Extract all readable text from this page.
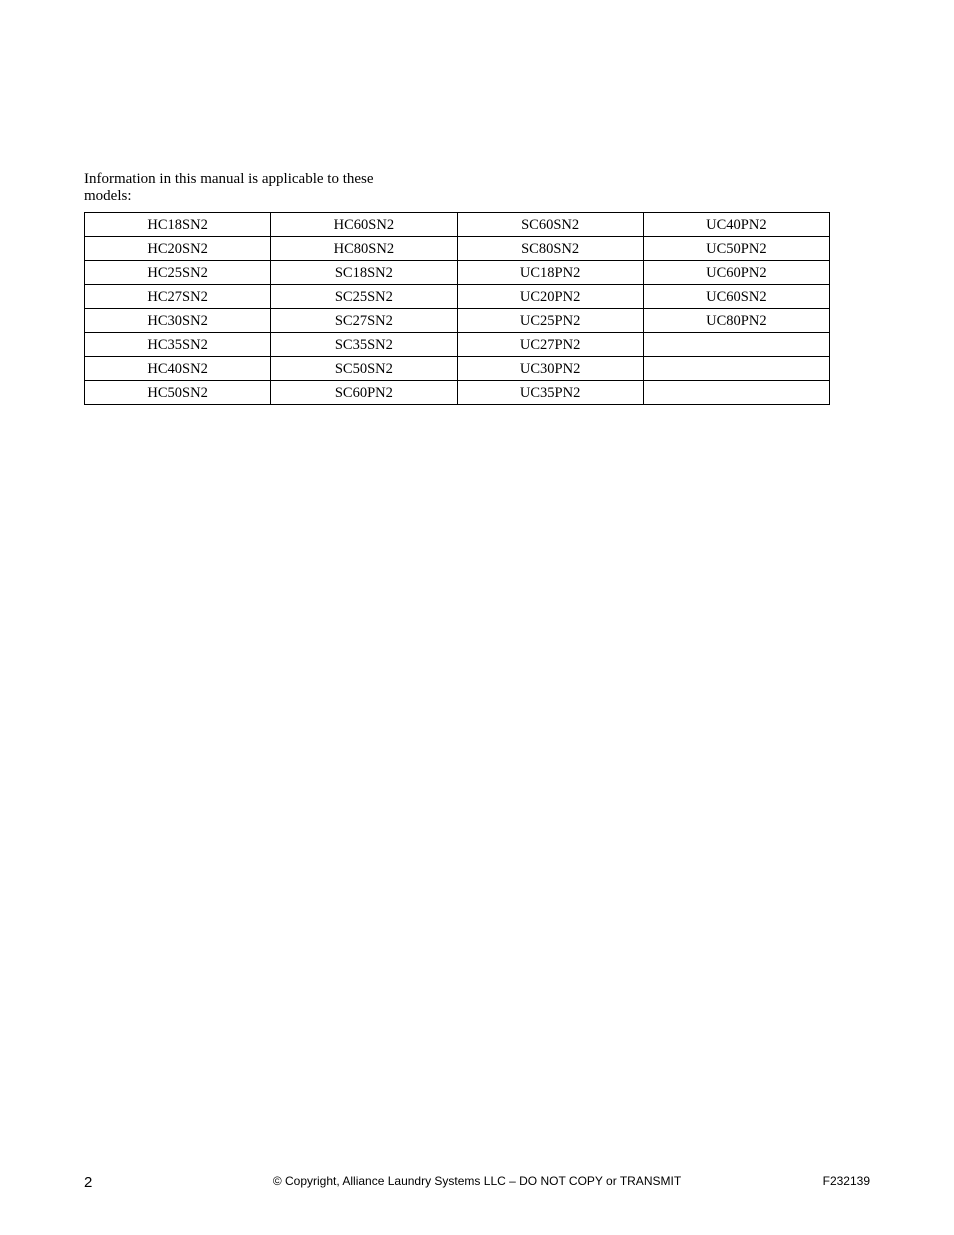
Information in this manual is applicable to these
models:

HC18SN2	HC60SN2	SC60SN2	UC40PN2
HC20SN2	HC80SN2	SC80SN2	UC50PN2
HC25SN2	SC18SN2	UC18PN2	UC60PN2
HC27SN2	SC25SN2	UC20PN2	UC60SN2
HC30SN2	SC27SN2	UC25PN2	UC80PN2
HC35SN2	SC35SN2	UC27PN2	
HC40SN2	SC50SN2	UC30PN2	
HC50SN2	SC60PN2	UC35PN2	
2	© Copyright, Alliance Laundry Systems LLC – DO NOT COPY or TRANSMIT	F232139
